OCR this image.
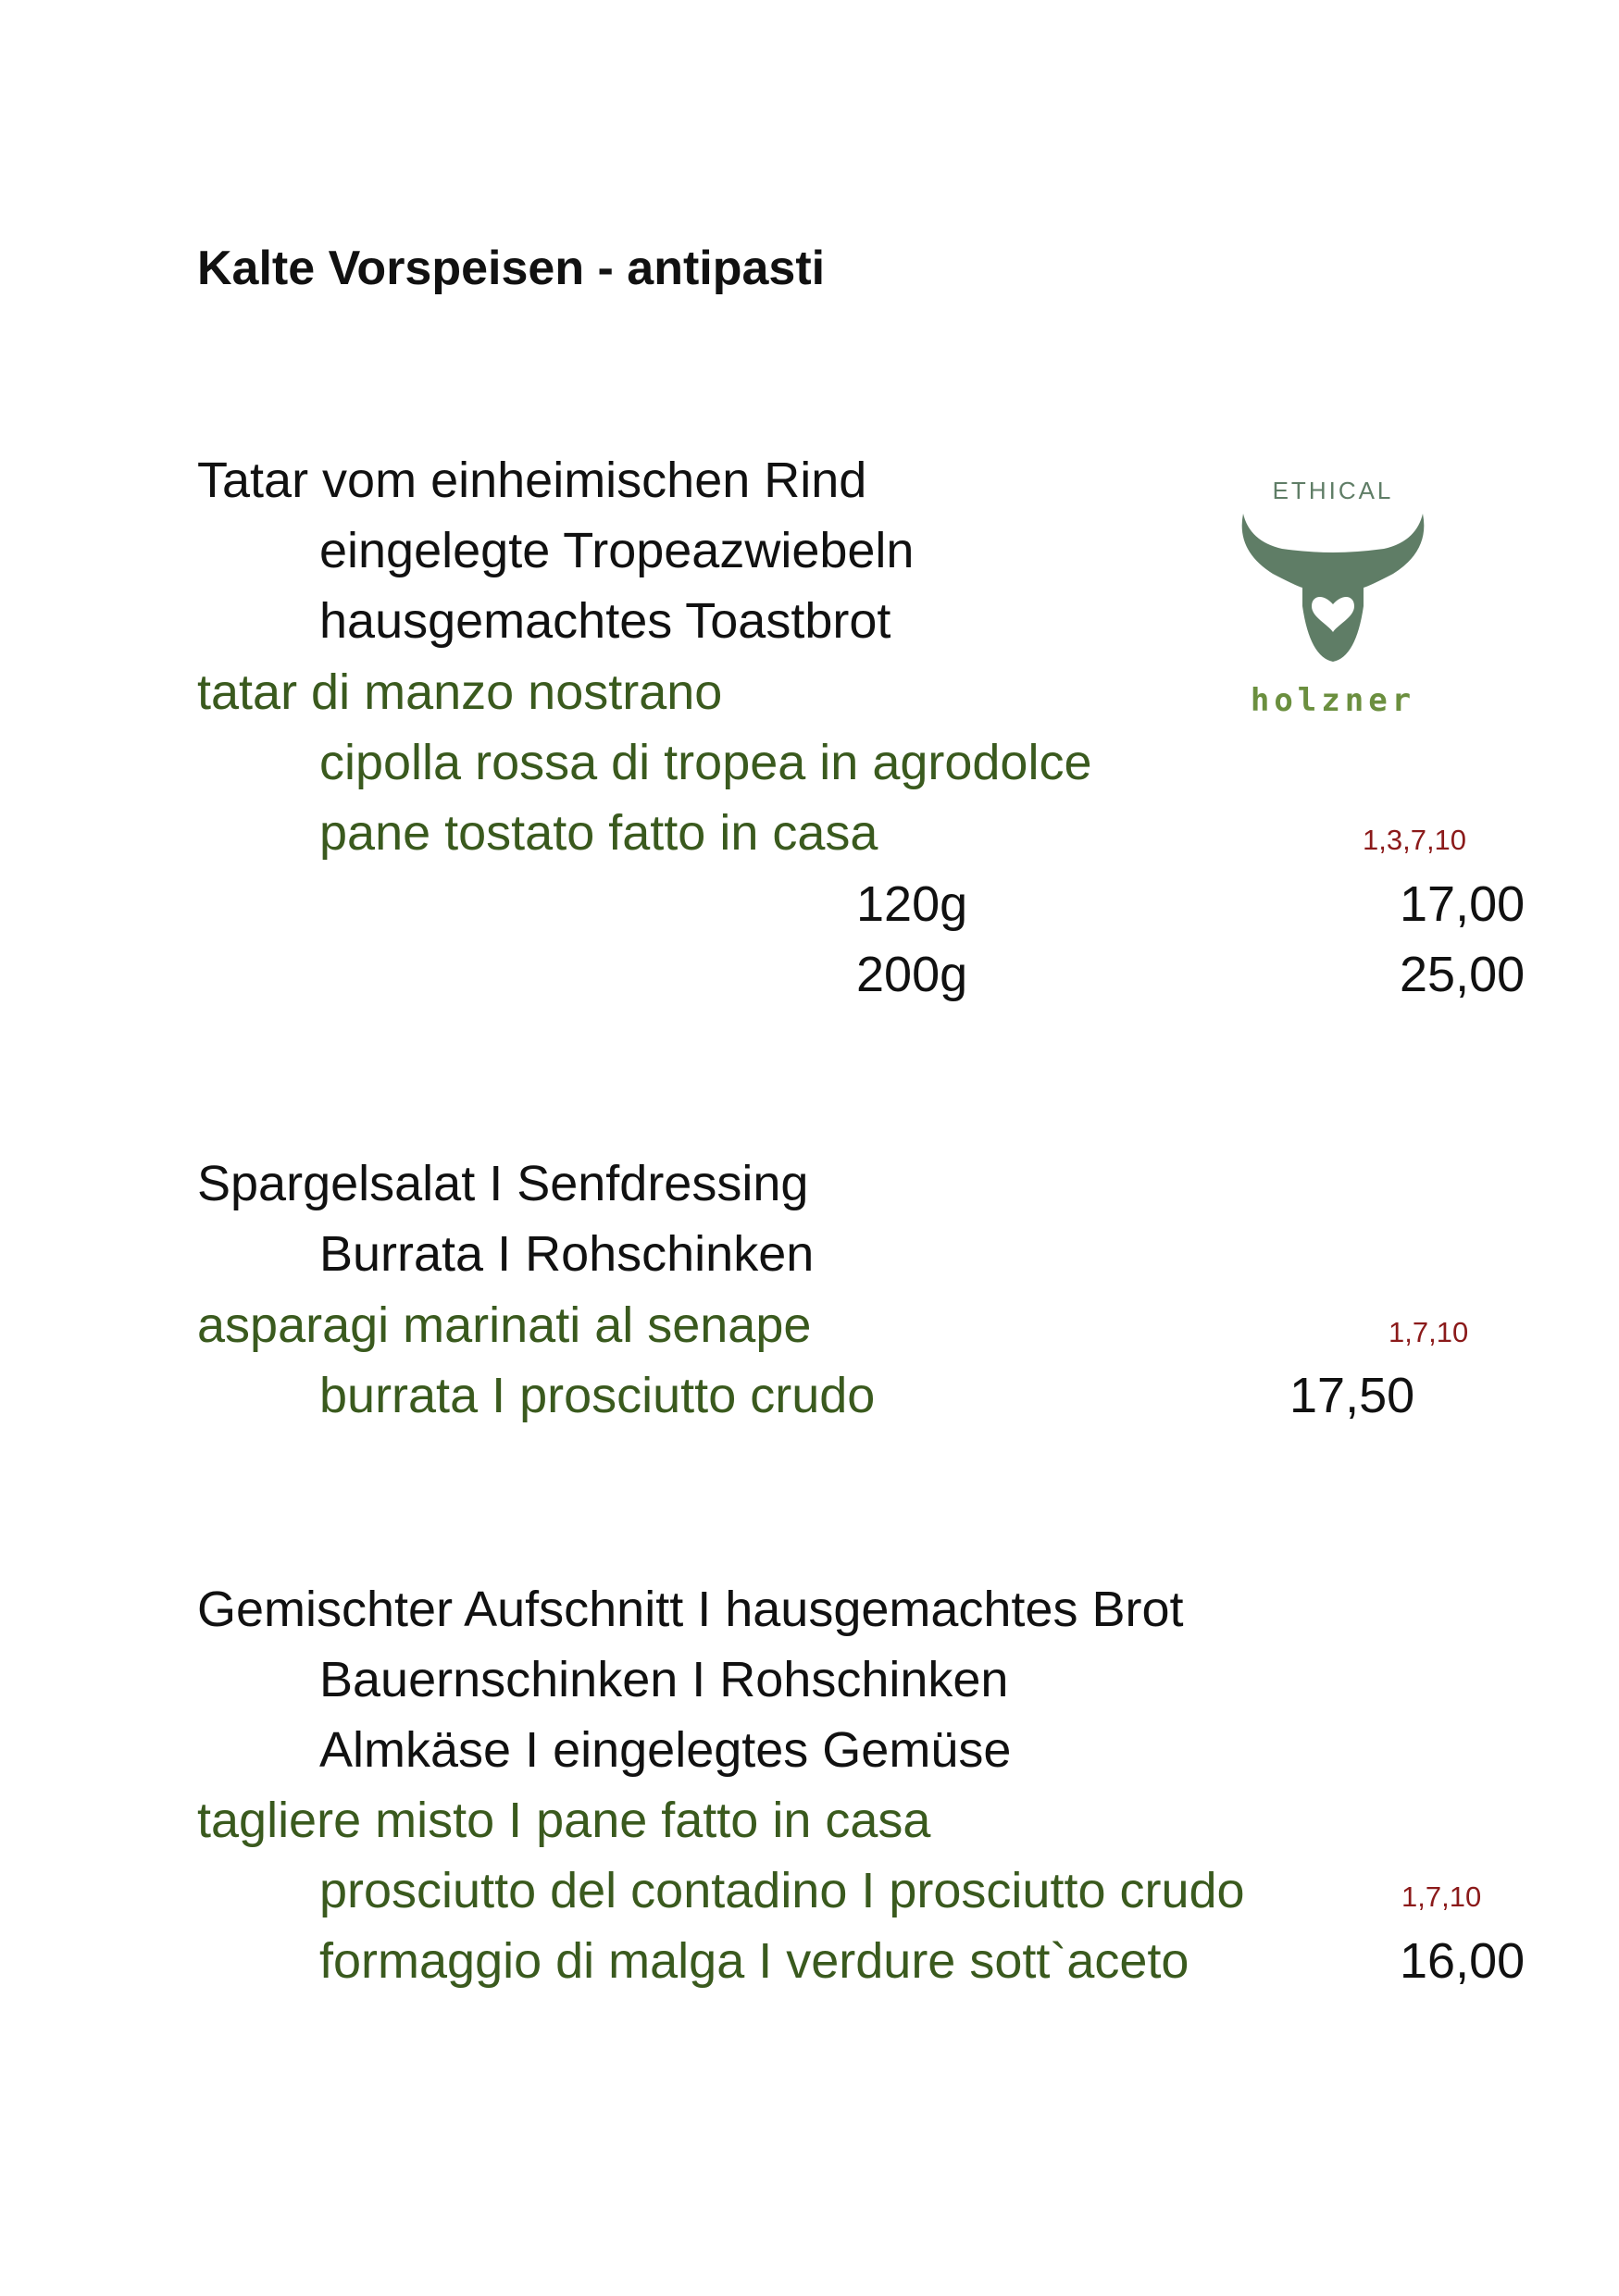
Kalte Vorspeisen - antipasti
Tatar vom einheimischen Rind
eingelegte Tropeazwiebeln
hausgemachtes Toastbrot
tatar di manzo nostrano
cipolla rossa di tropea in agrodolce
pane tostato fatto in casa	1,3,7,10
120g	17,00
200g	25,00
ETHICAL
holzner
Spargelsalat I Senfdressing
Burrata I Rohschinken
asparagi marinati al senape	1,7,10
burrata I prosciutto crudo	17,50
Gemischter Aufschnitt I hausgemachtes Brot
Bauernschinken I Rohschinken
Almkäse I eingelegtes Gemüse
tagliere misto I pane fatto in casa
prosciutto del contadino I prosciutto crudo	1,7,10
formaggio di malga I verdure sott`aceto	16,00
